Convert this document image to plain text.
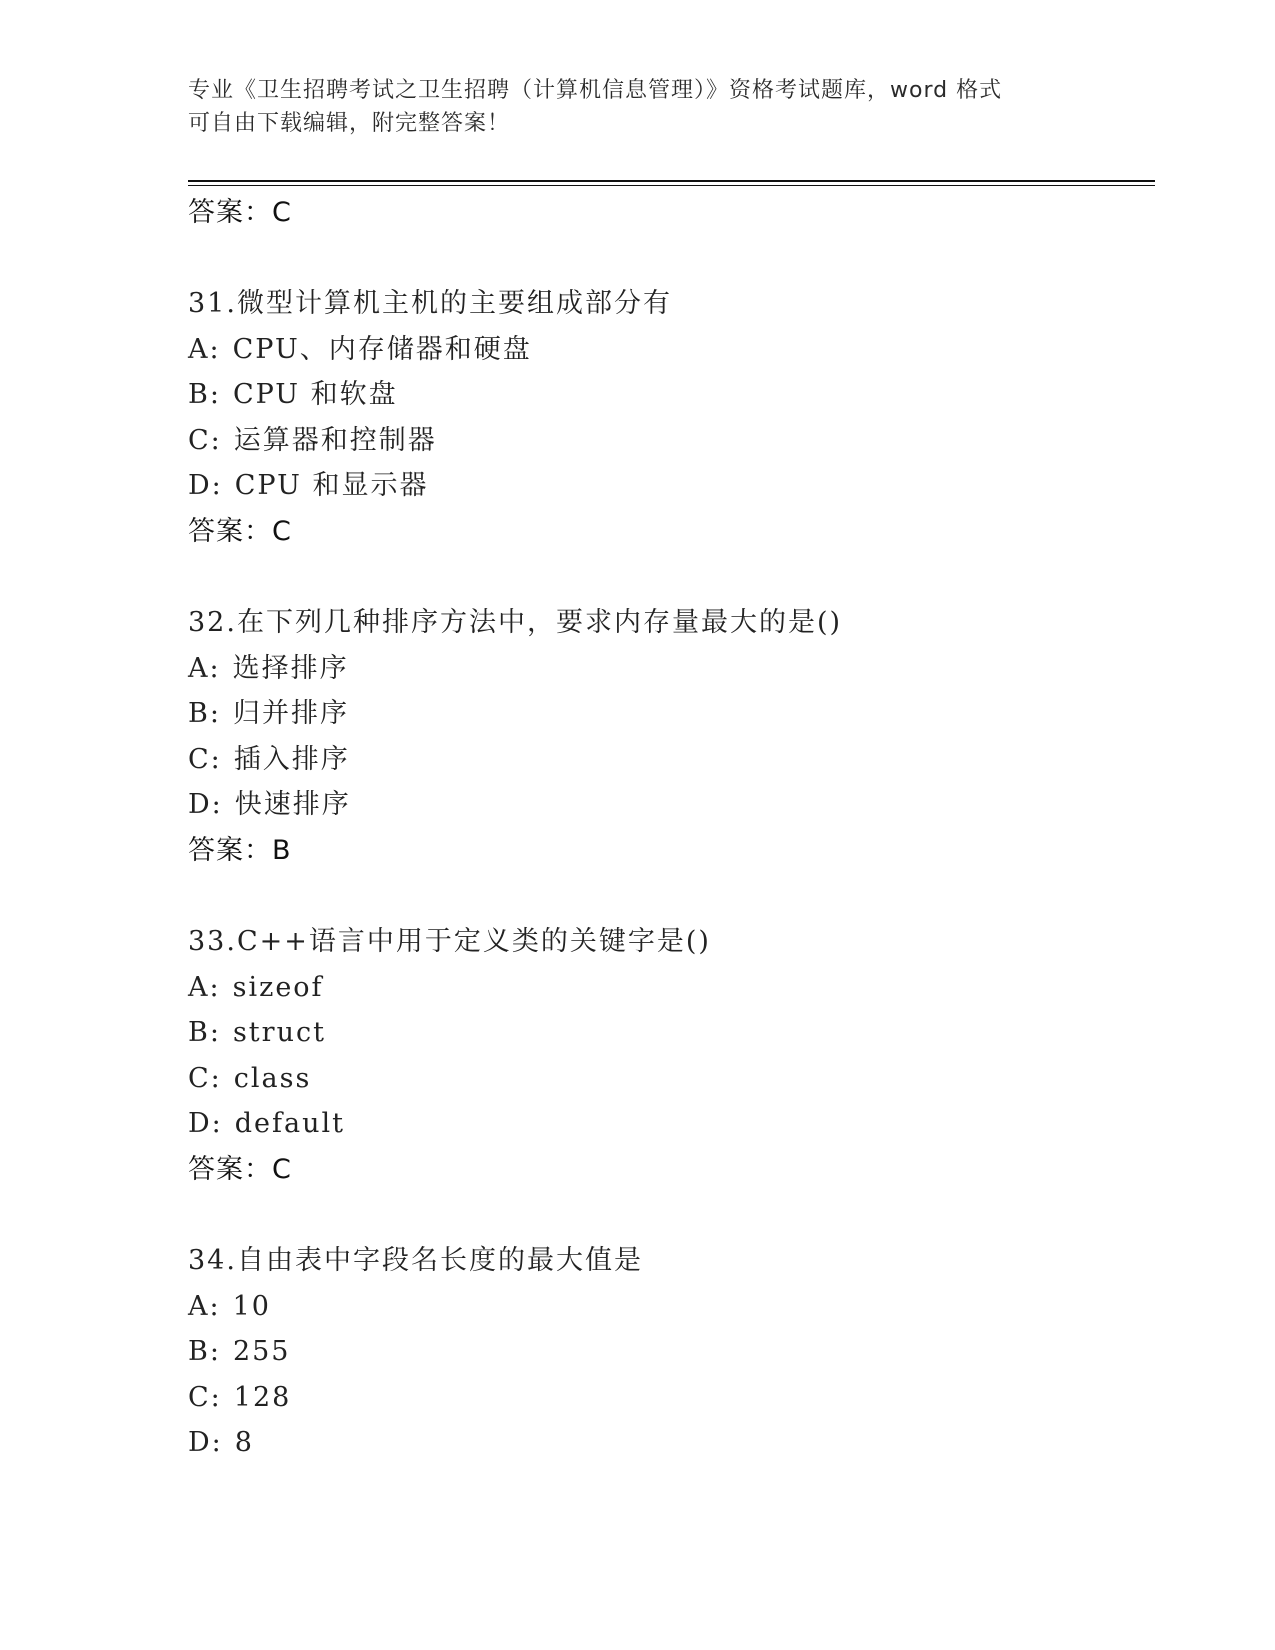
专业《卫生招聘考试之卫生招聘（计算机信息管理）》资格考试题库，word 格式
可自由下载编辑，附完整答案！
答案：C
31.微型计算机主机的主要组成部分有
A: CPU、内存储器和硬盘
B: CPU 和软盘
C: 运算器和控制器
D: CPU 和显示器
答案：C
32.在下列几种排序方法中，要求内存量最大的是()
A: 选择排序
B: 归并排序
C: 插入排序
D: 快速排序
答案：B
33.C++语言中用于定义类的关键字是()
A: sizeof
B: struct
C: class
D: default
答案：C
34.自由表中字段名长度的最大值是
A: 10
B: 255
C: 128
D: 8
